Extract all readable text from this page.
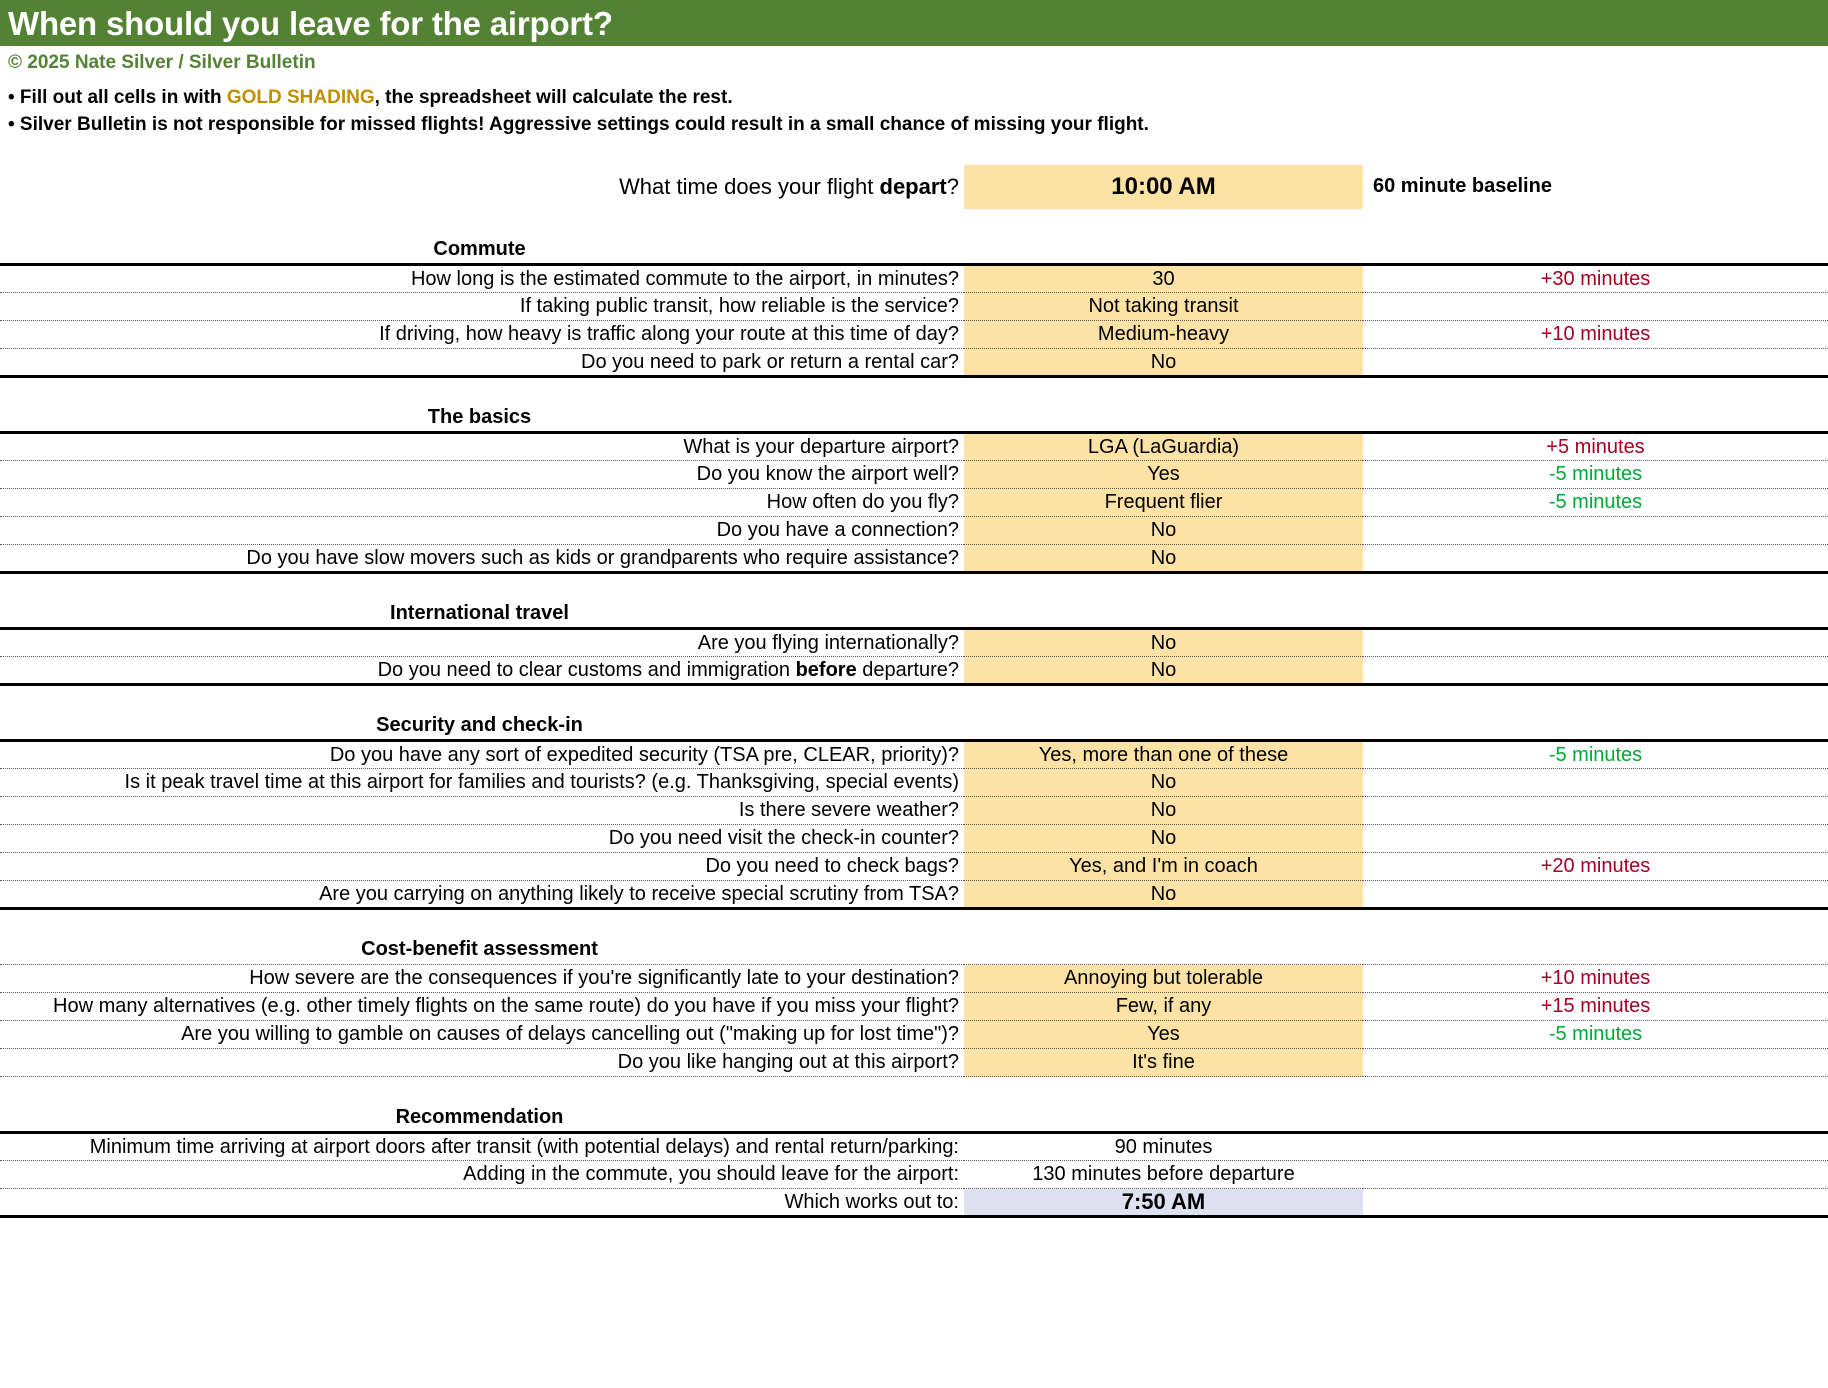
When should you leave for the airport?
© 2025 Nate Silver / Silver Bulletin
• Fill out all cells in with GOLD SHADING, the spreadsheet will calculate the rest.
• Silver Bulletin is not responsible for missed flights! Aggressive settings could result in a small chance of missing your flight.

What time does your flight depart?	10:00 AM	60 minute baseline

Commute		
How long is the estimated commute to the airport, in minutes?	30	+30 minutes
If taking public transit, how reliable is the service?	Not taking transit	
If driving, how heavy is traffic along your route at this time of day?	Medium-heavy	+10 minutes
Do you need to park or return a rental car?	No	

The basics		
What is your departure airport?	LGA (LaGuardia)	+5 minutes
Do you know the airport well?	Yes	-5 minutes
How often do you fly?	Frequent flier	-5 minutes
Do you have a connection?	No	
Do you have slow movers such as kids or grandparents who require assistance?	No	

International travel		
Are you flying internationally?	No	
Do you need to clear customs and immigration before departure?	No	

Security and check-in		
Do you have any sort of expedited security (TSA pre, CLEAR, priority)?	Yes, more than one of these	-5 minutes
Is it peak travel time at this airport for families and tourists? (e.g. Thanksgiving, special events)	No	
Is there severe weather?	No	
Do you need visit the check-in counter?	No	
Do you need to check bags?	Yes, and I'm in coach	+20 minutes
Are you carrying on anything likely to receive special scrutiny from TSA?	No	

Cost-benefit assessment		
How severe are the consequences if you're significantly late to your destination?	Annoying but tolerable	+10 minutes
How many alternatives (e.g. other timely flights on the same route) do you have if you miss your flight?	Few, if any	+15 minutes
Are you willing to gamble on causes of delays cancelling out ("making up for lost time")?	Yes	-5 minutes
Do you like hanging out at this airport?	It's fine	

Recommendation		
Minimum time arriving at airport doors after transit (with potential delays) and rental return/parking:	90 minutes	
Adding in the commute, you should leave for the airport:	130 minutes before departure	
Which works out to:	7:50 AM	
